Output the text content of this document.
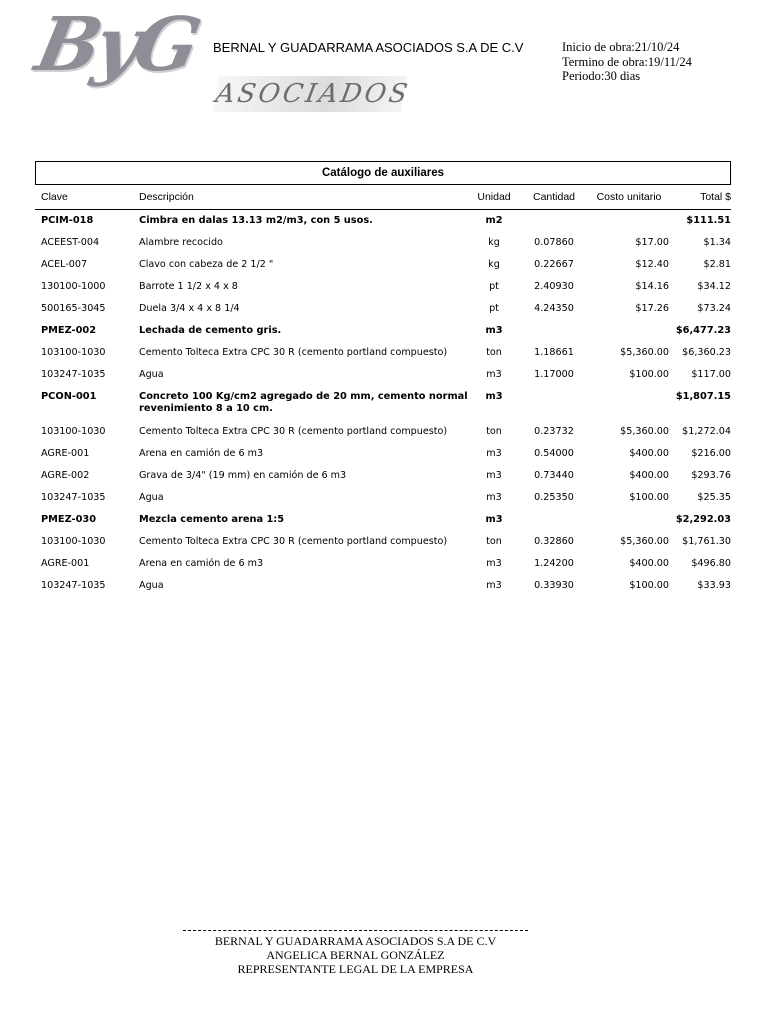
ByG
ASOCIADOS
BERNAL Y GUADARRAMA ASOCIADOS S.A DE C.V	Inicio de obra:21/10/24
Termino de obra:19/11/24
Periodo:30 dias
Catálogo de auxiliares
Clave	Descripción	Unidad	Cantidad	Costo unitario	Total $
PCIM-018	Cimbra en dalas 13.13 m2/m3, con 5 usos.	m2			$111.51
ACEEST-004	Alambre recocido	kg	0.07860	$17.00	$1.34
ACEL-007	Clavo con cabeza de 2 1/2 "	kg	0.22667	$12.40	$2.81
130100-1000	Barrote 1 1/2 x 4 x 8	pt	2.40930	$14.16	$34.12
500165-3045	Duela 3/4 x 4 x 8 1/4	pt	4.24350	$17.26	$73.24
PMEZ-002	Lechada de cemento gris.	m3			$6,477.23
103100-1030	Cemento Tolteca Extra CPC 30 R (cemento portland compuesto)	ton	1.18661	$5,360.00	$6,360.23
103247-1035	Agua	m3	1.17000	$100.00	$117.00
PCON-001	Concreto 100 Kg/cm2 agregado de 20 mm, cemento normal revenimiento 8 a 10 cm.	m3			$1,807.15
103100-1030	Cemento Tolteca Extra CPC 30 R (cemento portland compuesto)	ton	0.23732	$5,360.00	$1,272.04
AGRE-001	Arena en camión de 6 m3	m3	0.54000	$400.00	$216.00
AGRE-002	Grava de 3/4" (19 mm) en camión de 6 m3	m3	0.73440	$400.00	$293.76
103247-1035	Agua	m3	0.25350	$100.00	$25.35
PMEZ-030	Mezcla cemento arena 1:5	m3			$2,292.03
103100-1030	Cemento Tolteca Extra CPC 30 R (cemento portland compuesto)	ton	0.32860	$5,360.00	$1,761.30
AGRE-001	Arena en camión de 6 m3	m3	1.24200	$400.00	$496.80
103247-1035	Agua	m3	0.33930	$100.00	$33.93
BERNAL Y GUADARRAMA ASOCIADOS S.A DE C.V
ANGELICA BERNAL GONZÁLEZ
REPRESENTANTE LEGAL DE LA EMPRESA
